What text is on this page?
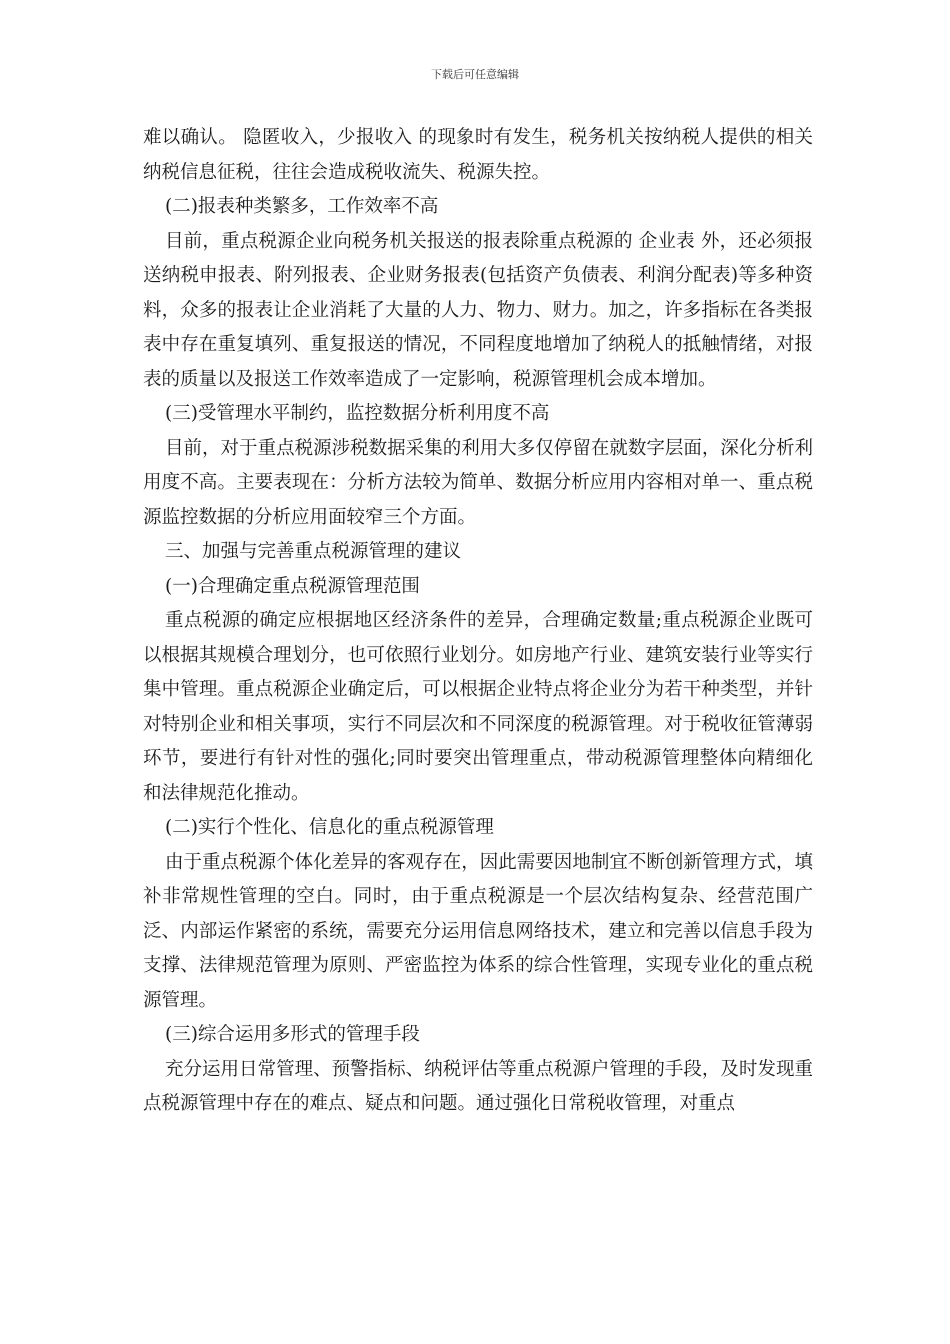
下载后可任意编辑

难以确认。 隐匿收入，少报收入 的现象时有发生，税务机关按纳税人提供的相关纳税信息征税，往往会造成税收流失、税源失控。

(二)报表种类繁多，工作效率不高

目前，重点税源企业向税务机关报送的报表除重点税源的 企业表 外，还必须报送纳税申报表、附列报表、企业财务报表(包括资产负债表、利润分配表)等多种资料，众多的报表让企业消耗了大量的人力、物力、财力。加之，许多指标在各类报表中存在重复填列、重复报送的情况，不同程度地增加了纳税人的抵触情绪，对报表的质量以及报送工作效率造成了一定影响，税源管理机会成本增加。

(三)受管理水平制约，监控数据分析利用度不高

目前，对于重点税源涉税数据采集的利用大多仅停留在就数字层面，深化分析利用度不高。主要表现在：分析方法较为简单、数据分析应用内容相对单一、重点税源监控数据的分析应用面较窄三个方面。

三、加强与完善重点税源管理的建议

(一)合理确定重点税源管理范围

重点税源的确定应根据地区经济条件的差异，合理确定数量;重点税源企业既可以根据其规模合理划分，也可依照行业划分。如房地产行业、建筑安装行业等实行集中管理。重点税源企业确定后，可以根据企业特点将企业分为若干种类型，并针对特别企业和相关事项，实行不同层次和不同深度的税源管理。对于税收征管薄弱环节，要进行有针对性的强化;同时要突出管理重点，带动税源管理整体向精细化和法律规范化推动。

(二)实行个性化、信息化的重点税源管理

由于重点税源个体化差异的客观存在，因此需要因地制宜不断创新管理方式，填补非常规性管理的空白。同时，由于重点税源是一个层次结构复杂、经营范围广泛、内部运作紧密的系统，需要充分运用信息网络技术，建立和完善以信息手段为支撑、法律规范管理为原则、严密监控为体系的综合性管理，实现专业化的重点税源管理。

(三)综合运用多形式的管理手段

充分运用日常管理、预警指标、纳税评估等重点税源户管理的手段，及时发现重点税源管理中存在的难点、疑点和问题。通过强化日常税收管理，对重点
